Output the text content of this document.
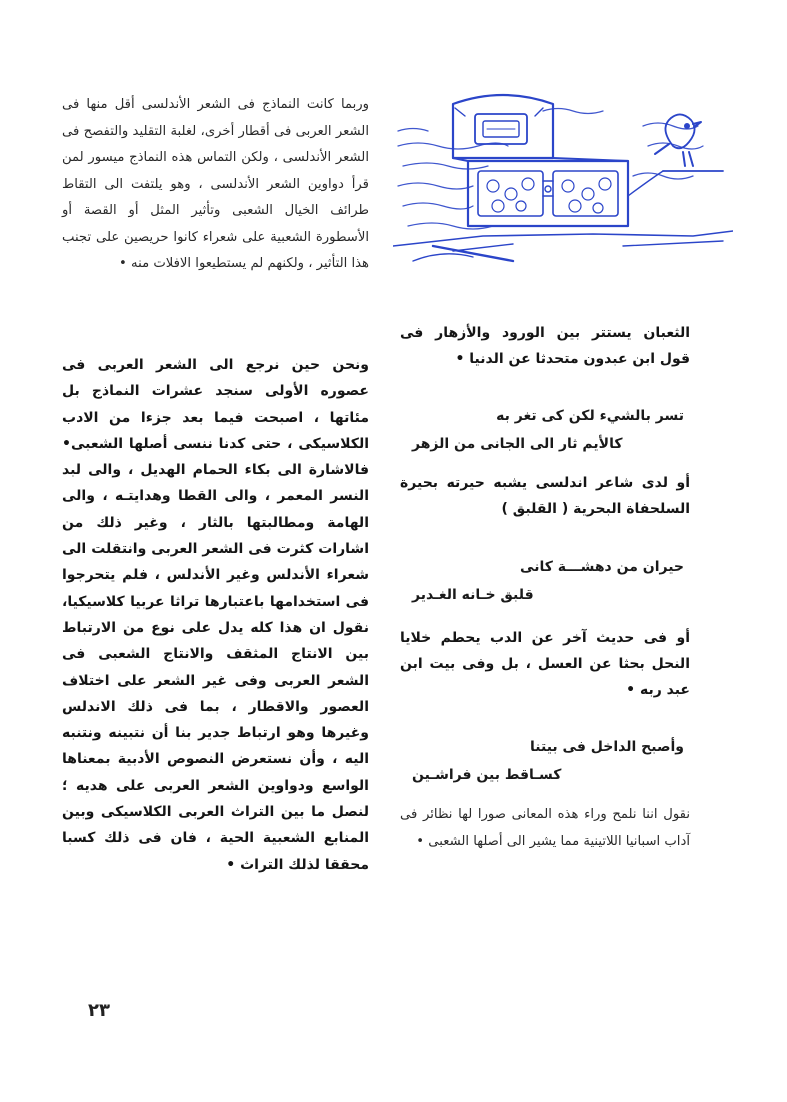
الثعبان يستتر بين الورود والأزهار فى قول ابن عبدون متحدثا عن الدنيا •

تسر بالشيء لكن كى تغر به
كالأيم ثار الى الجانى من الزهر

أو لدى شاعر اندلسى يشبه حيرته بحيرة السلحفاة البحرية ( القلبق )

حيران من دهشـــة كانى
قلبق خـانه الغـدير

أو فى حديث آخر عن الدب يحطم خلايا النحل بحثا عن العسل ، بل وفى بيت ابن عبد ربه •

وأصبح الداخل فى بيتنا
كسـاقط بين فراشـين

نقول اننا نلمح وراء هذه المعانى صورا لها نظائر فى آداب اسبانيا اللاتينية مما يشير الى أصلها الشعبى •

وربما كانت النماذج فى الشعر الأندلسى أقل منها فى الشعر العربى فى أقطار أخرى، لغلبة التقليد والتفصح فى الشعر الأندلسى ، ولكن التماس هذه النماذج ميسور لمن قرأ دواوين الشعر الأندلسى ، وهو يلتفت الى التقاط طرائف الخيال الشعبى وتأثير المثل أو القصة أو الأسطورة الشعبية على شعراء كانوا حريصين على تجنب هذا التأثير ، ولكنهم لم يستطيعوا الافلات منه •

ونحن حين نرجع الى الشعر العربى فى عصوره الأولى سنجد عشرات النماذج بل مئاتها ، اصبحت فيما بعد جزءا من الادب الكلاسيكى ، حتى كدنا ننسى أصلها الشعبى• فالاشارة الى بكاء الحمام الهديل ، والى لبد النسر المعمر ، والى القطا وهدايتـه ، والى الهامة ومطالبتها بالثار ، وغير ذلك من اشارات كثرت فى الشعر العربى وانتقلت الى شعراء الأندلس وغير الأندلس ، فلم يتحرجوا فى استخدامها باعتبارها تراثا عربيا كلاسيكيا، نقول ان هذا كله يدل على نوع من الارتباط بين الانتاج المثقف والانتاج الشعبى فى الشعر العربى وفى غير الشعر على اختلاف العصور والاقطار ، بما فى ذلك الاندلس وغيرها وهو ارتباط جدير بنا أن نتبينه ونتنبه اليه ، وأن نستعرض النصوص الأدبية بمعناها الواسع ودواوين الشعر العربى على هديه ؛ لنصل ما بين التراث العربى الكلاسيكى وبين المنابع الشعبية الحية ، فان فى ذلك كسبا محققا لذلك التراث •

٢٣
